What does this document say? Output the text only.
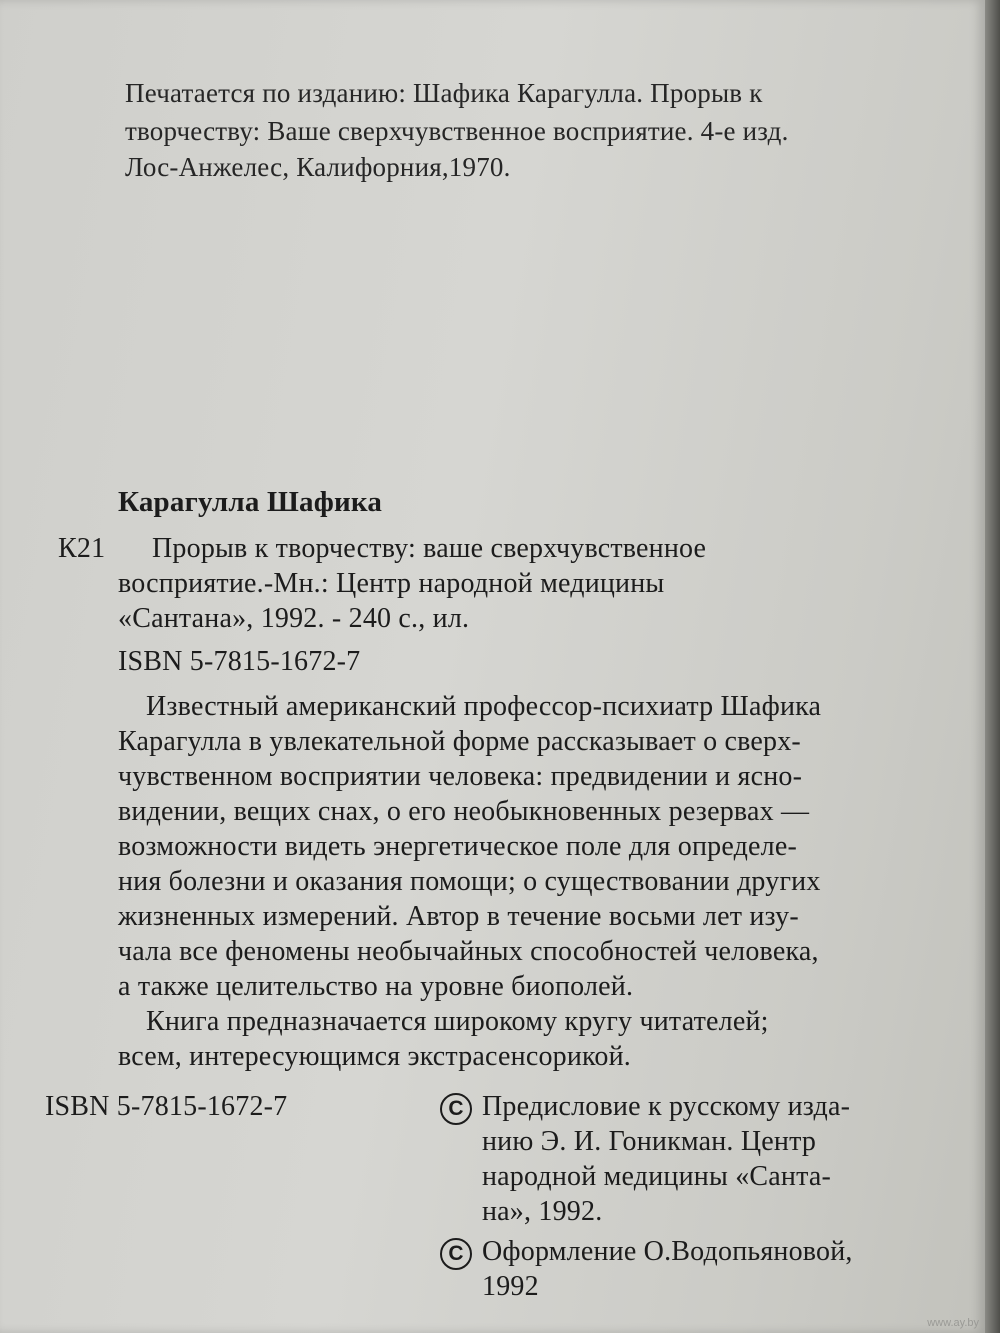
Печатается по изданию: Шафика Карагулла. Прорыв к
творчеству: Ваше сверхчувственное восприятие. 4-е изд.
Лос-Анжелес, Калифорния,1970.
Карагулла Шафика
К21 Прорыв к творчеству: ваше сверхчувственное
восприятие.-Мн.: Центр народной медицины
«Сантана», 1992. - 240 с., ил.
ISBN 5-7815-1672-7
Известный американский профессор-психиатр Шафика
Карагулла в увлекательной форме рассказывает о сверх-
чувственном восприятии человека: предвидении и ясно-
видении, вещих снах, о его необыкновенных резервах —
возможности видеть энергетическое поле для определе-
ния болезни и оказания помощи; о существовании других
жизненных измерений. Автор в течение восьми лет изу-
чала все феномены необычайных способностей человека,
а также целительство на уровне биополей.
Книга предназначается широкому кругу читателей;
всем, интересующимся экстрасенсорикой.
ISBN 5-7815-1672-7	C Предисловие к русскому изда-
нию Э. И. Гоникман. Центр
народной медицины «Санта-
на», 1992.
C Оформление О.Водопьяновой,
1992
www.ay.by
